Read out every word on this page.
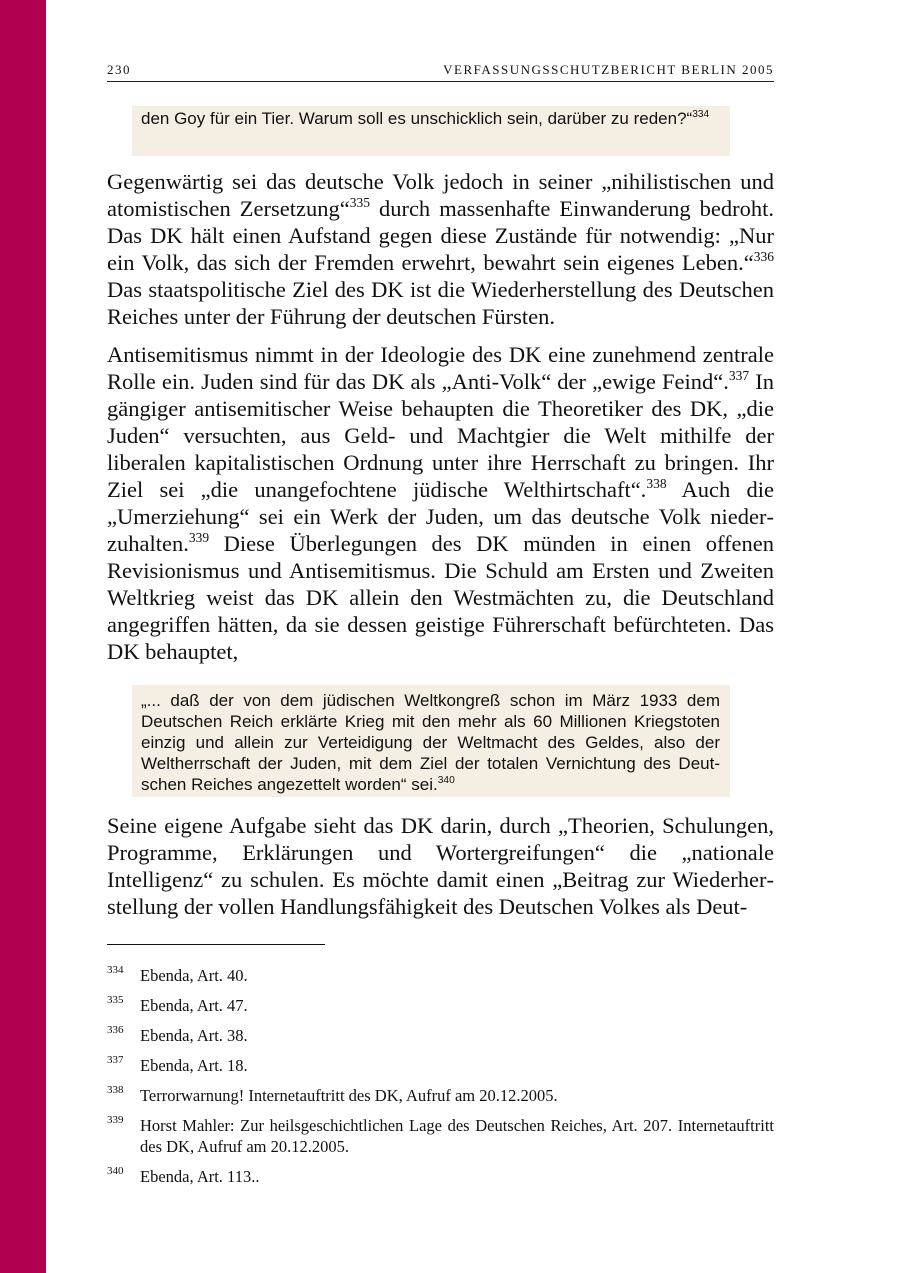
230	VERFASSUNGSSCHUTZBERICHT BERLIN 2005
den Goy für ein Tier. Warum soll es unschicklich sein, darüber zu reden?“$^{334}$

Gegenwärtig sei das deutsche Volk jedoch in seiner „nihilistischen und atomistischen Zersetzung“$^{335}$ durch massenhafte Einwanderung bedroht. Das DK hält einen Aufstand gegen diese Zustände für notwendig: „Nur ein Volk, das sich der Fremden erwehrt, bewahrt sein eigenes Leben.“$^{336}$ Das staatspolitische Ziel des DK ist die Wiederherstellung des Deutschen Reiches unter der Führung der deutschen Fürsten.

Antisemitismus nimmt in der Ideologie des DK eine zunehmend zentrale Rolle ein. Juden sind für das DK als „Anti-Volk“ der „ewige Feind“.$^{337}$ In gängiger antisemitischer Weise behaupten die Theoretiker des DK, „die Juden“ versuchten, aus Geld- und Machtgier die Welt mithilfe der liberalen kapitalistischen Ordnung unter ihre Herrschaft zu bringen. Ihr Ziel sei „die unangefochtene jüdische Welthirtschaft“.$^{338}$ Auch die „Umerziehung“ sei ein Werk der Juden, um das deutsche Volk niederzuhalten.$^{339}$ Diese Überlegungen des DK münden in einen offenen Revisionismus und Antisemitismus. Die Schuld am Ersten und Zweiten Weltkrieg weist das DK allein den Westmächten zu, die Deutschland angegriffen hätten, da sie dessen geistige Führerschaft befürchteten. Das DK behauptet,

„... daß der von dem jüdischen Weltkongreß schon im März 1933 dem Deutschen Reich erklärte Krieg mit den mehr als 60 Millionen Kriegstoten einzig und allein zur Verteidigung der Weltmacht des Geldes, also der Weltherrschaft der Juden, mit dem Ziel der totalen Vernichtung des Deutschen Reiches angezettelt worden“ sei.$^{340}$

Seine eigene Aufgabe sieht das DK darin, durch „Theorien, Schulungen, Programme, Erklärungen und Wortergreifungen“ die „nationale Intelligenz“ zu schulen. Es möchte damit einen „Beitrag zur Wiederherstellung der vollen Handlungsfähigkeit des Deutschen Volkes als Deut-

334	Ebenda, Art. 40.
335	Ebenda, Art. 47.
336	Ebenda, Art. 38.
337	Ebenda, Art. 18.
338	Terrorwarnung! Internetauftritt des DK, Aufruf am 20.12.2005.
339	Horst Mahler: Zur heilsgeschichtlichen Lage des Deutschen Reiches, Art. 207. Internetauftritt des DK, Aufruf am 20.12.2005.
340	Ebenda, Art. 113..
